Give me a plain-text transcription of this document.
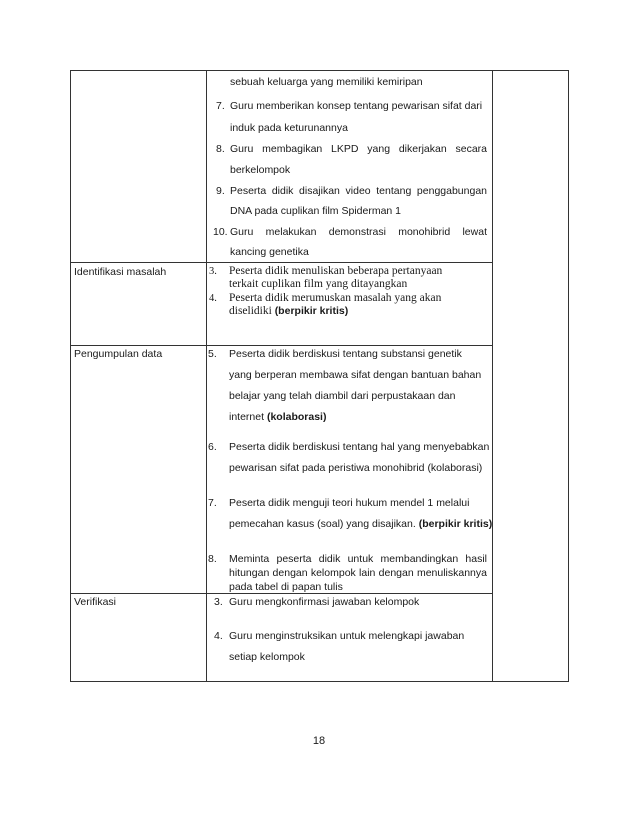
sebuah keluarga yang memiliki kemiripan
7. Guru memberikan konsep tentang pewarisan sifat dari
induk pada keturunannya
8. Guru membagikan LKPD yang dikerjakan secara
berkelompok
9. Peserta didik disajikan video tentang penggabungan
DNA pada cuplikan film Spiderman 1
10. Guru melakukan demonstrasi monohibrid lewat
kancing genetika
Identifikasi masalah	3. Peserta didik menuliskan beberapa pertanyaan
terkait cuplikan film yang ditayangkan
4. Peserta didik merumuskan masalah yang akan
diselidiki (berpikir kritis)
Pengumpulan data	5. Peserta didik berdiskusi tentang substansi genetik
yang berperan membawa sifat dengan bantuan bahan
belajar yang telah diambil dari perpustakaan dan
internet (kolaborasi)
6. Peserta didik berdiskusi tentang hal yang menyebabkan
pewarisan sifat pada peristiwa monohibrid (kolaborasi)
7. Peserta didik menguji teori hukum mendel 1 melalui
pemecahan kasus (soal) yang disajikan. (berpikir kritis)
8. Meminta peserta didik untuk membandingkan hasil
hitungan dengan kelompok lain dengan menuliskannya
pada tabel di papan tulis
Verifikasi	3. Guru mengkonfirmasi jawaban kelompok
4. Guru menginstruksikan untuk melengkapi jawaban
setiap kelompok
18
